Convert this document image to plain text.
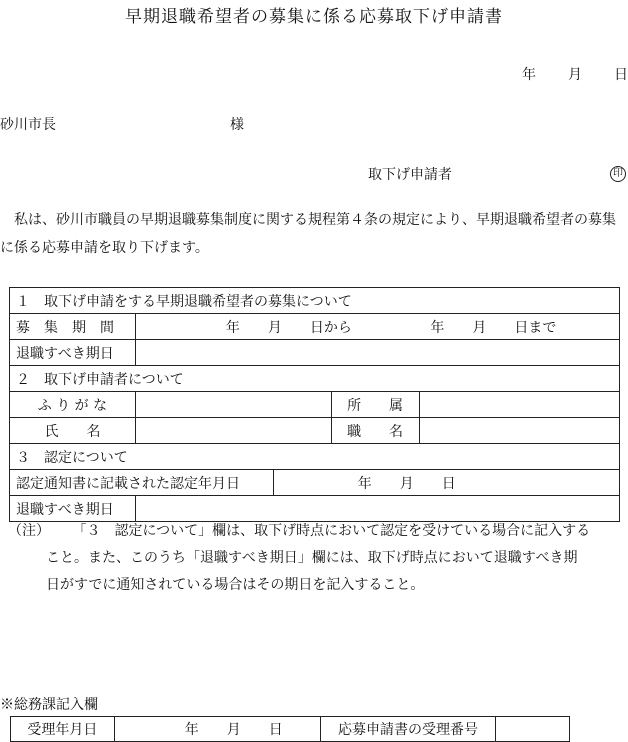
早期退職希望者の募集に係る応募取下げ申請書
年 月 日
砂川市長	様
取下げ申請者	印
私は、砂川市職員の早期退職募集制度に関する規程第４条の規定により、早期退職希望者の募集に係る応募申請を取り下げます。
１　取下げ申請をする早期退職希望者の募集について				
募　集　期　間	年　　月　　日から 年　　月　　日まで			
退職すべき期日				
２　取下げ申請者について				
ふ り が な			所　　属	
氏　　名			職　　名	
３　認定について				
認定通知書に記載された認定年月日		年　　月　　日		
退職すべき期日				
（注） 「３　認定について」欄は、取下げ時点において認定を受けている場合に記入する
こと。また、このうち「退職すべき期日」欄には、取下げ時点において退職すべき期
日がすでに通知されている場合はその期日を記入すること。
※総務課記入欄
受理年月日	年　　月　　日	応募申請書の受理番号	
